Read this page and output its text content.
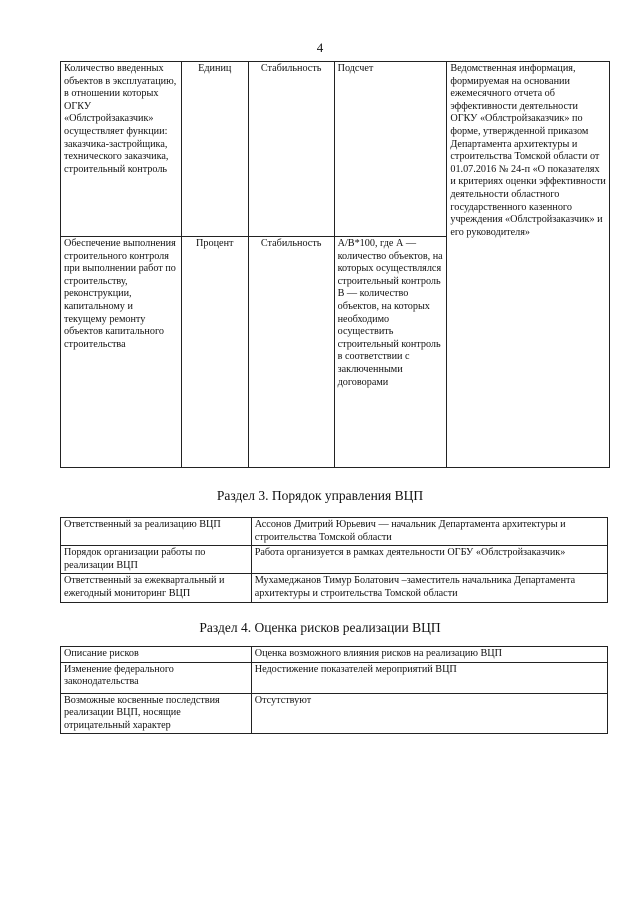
4
Количество введенных объектов в эксплуатацию, в отношении которых ОГКУ «Облстройзаказчик» осуществляет функции: заказчика-застройщика, технического заказчика, строительный контроль	Единиц	Стабильность	Подсчет	Ведомственная информация, формируемая на основании ежемесячного отчета об эффективности деятельности ОГКУ «Облстройзаказчик» по форме, утвержденной приказом Департамента архитектуры и строительства Томской области от 01.07.2016 № 24-п «О показателях и критериях оценки эффективности деятельности областного государственного казенного учреждения «Облстройзаказчик» и его руководителя»
Обеспечение выполнения строительного контроля при выполнении работ по строительству, реконструкции, капитальному и текущему ремонту объектов капитального строительства	Процент	Стабильность	А/В*100, где А — количество объектов, на которых осуществлялся строительный контроль В — количество объектов, на которых необходимо осуществить строительный контроль в соответствии с заключенными договорами	
Раздел 3. Порядок управления ВЦП
Ответственный за реализацию ВЦП	Ассонов Дмитрий Юрьевич — начальник Департамента архитектуры и строительства Томской области
Порядок организации работы по реализации ВЦП	Работа организуется в рамках деятельности ОГБУ «Облстройзаказчик»
Ответственный за ежеквартальный и ежегодный мониторинг ВЦП	Мухамеджанов Тимур Болатович –заместитель начальника Департамента архитектуры и строительства Томской области
Раздел 4. Оценка рисков реализации ВЦП
Описание рисков	Оценка возможного влияния рисков на реализацию ВЦП
Изменение федерального законодательства	Недостижение показателей мероприятий ВЦП
Возможные косвенные последствия реализации ВЦП, носящие отрицательный характер	Отсутствуют
